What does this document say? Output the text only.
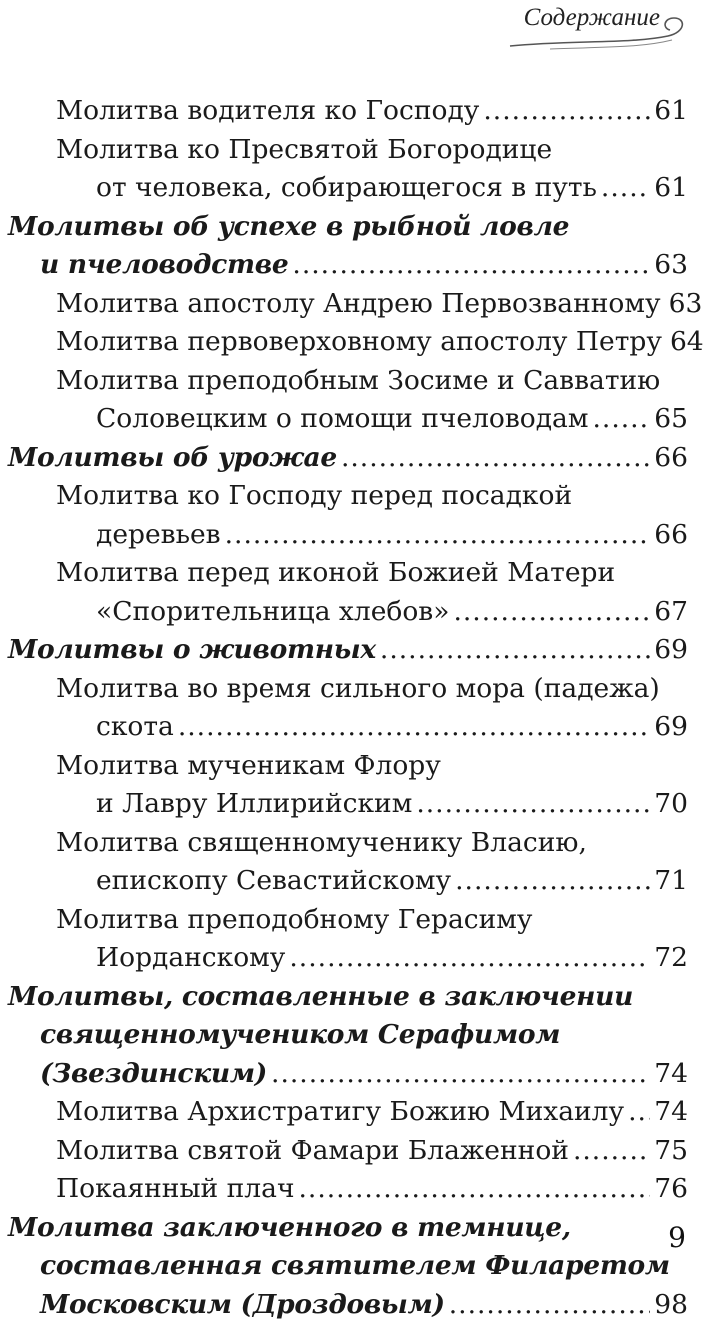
Содержание
Молитва водителя ко Господу .....	61
Молитва ко Пресвятой Богородице
от человека, собирающегося в путь ..... 61
Молитвы об успехе в рыбной ловле
и пчеловодстве .....	63
Молитва апостолу Андрею Первозванному 63
Молитва первоверховному апостолу Петру 64
Молитва преподобным Зосиме и Савватию
Соловецким о помощи пчеловодам ..... 65
Молитвы об урожае .....	66
Молитва ко Господу перед посадкой
деревьев .....	66
Молитва перед иконой Божией Матери
«Спорительница хлебов» .....	67
Молитвы о животных .....	69
Молитва во время сильного мора (падежа)
скота .....	69
Молитва мученикам Флору
и Лавру Иллирийским .....	70
Молитва священномученику Власию,
епископу Севастийскому .....	71
Молитва преподобному Герасиму
Иорданскому .....	72
Молитвы, составленные в заключении
священномучеником Серафимом
(Звездинским) .....	74
Молитва Архистратигу Божию Михаилу ..... 74
Молитва святой Фамари Блаженной .....	75
Покаянный плач .....	76
Молитва заключенного в темнице,
составленная святителем Филаретом
Московским (Дроздовым) .....	98
9
